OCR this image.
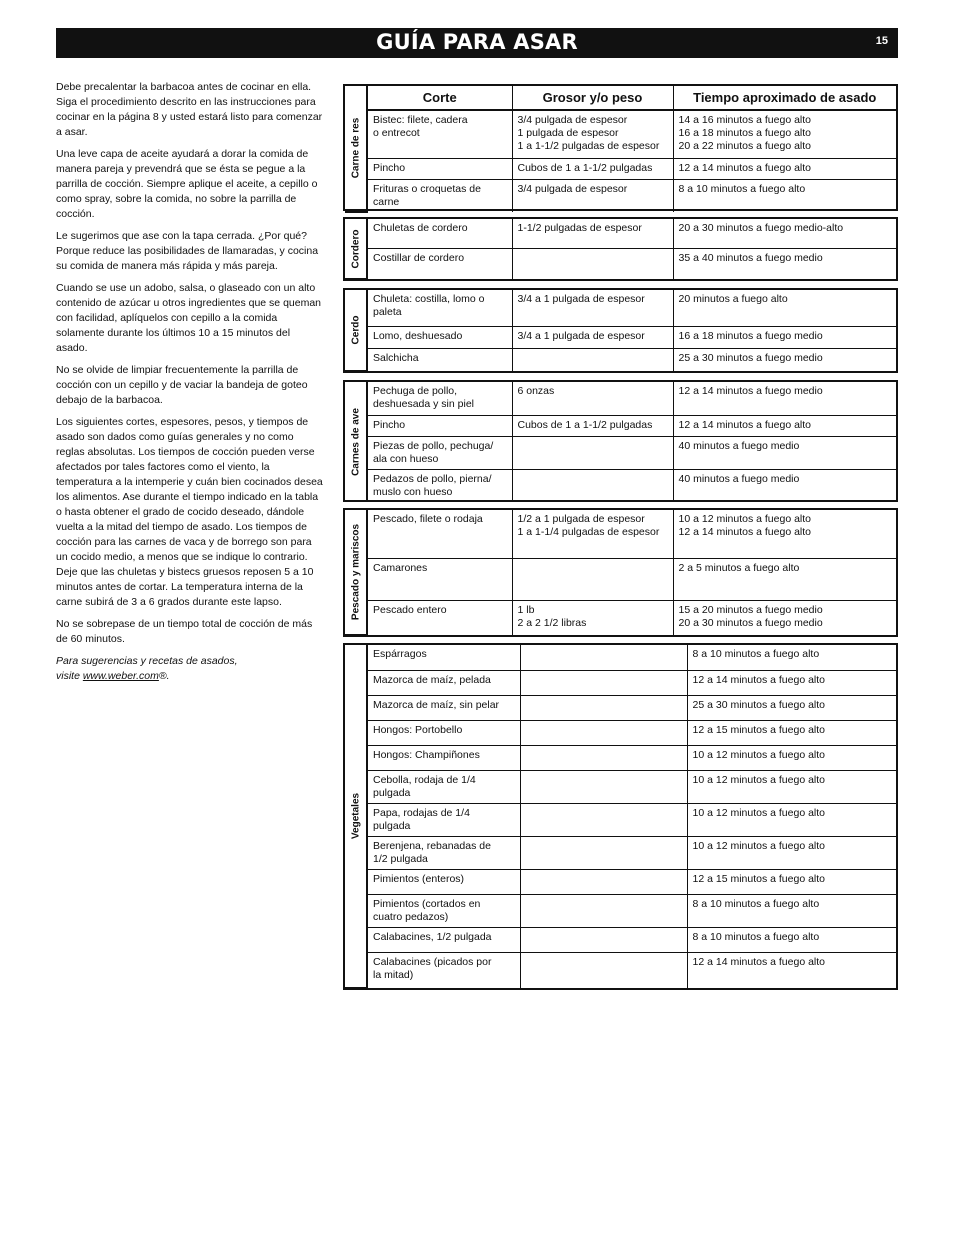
GUÍA PARA ASAR	15

Debe precalentar la barbacoa antes de cocinar en ella. Siga el procedimiento descrito en las instrucciones para cocinar en la página 8 y usted estará listo para comenzar a asar.

Una leve capa de aceite ayudará a dorar la comida de manera pareja y prevendrá que se ésta se pegue a la parrilla de cocción. Siempre aplique el aceite, a cepillo o como spray, sobre la comida, no sobre la parrilla de cocción.

Le sugerimos que ase con la tapa cerrada. ¿Por qué? Porque reduce las posibilidades de llamaradas, y cocina su comida de manera más rápida y más pareja.

Cuando se use un adobo, salsa, o glaseado con un alto contenido de azúcar u otros ingredientes que se queman con facilidad, aplíquelos con cepillo a la comida solamente durante los últimos 10 a 15 minutos del asado.

No se olvide de limpiar frecuentemente la parrilla de cocción con un cepillo y de vaciar la bandeja de goteo debajo de la barbacoa.

Los siguientes cortes, espesores, pesos, y tiempos de asado son dados como guías generales y no como reglas absolutas. Los tiempos de cocción pueden verse afectados por tales factores como el viento, la temperatura a la intemperie y cuán bien cocinados desea los alimentos. Ase durante el tiempo indicado en la tabla o hasta obtener el grado de cocido deseado, dándole vuelta a la mitad del tiempo de asado. Los tiempos de cocción para las carnes de vaca y de borrego son para un cocido medio, a menos que se indique lo contrario. Deje que las chuletas y bistecs gruesos reposen 5 a 10 minutos antes de cortar. La temperatura interna de la carne subirá de 3 a 6 grados durante este lapso.

No se sobrepase de un tiempo total de cocción de más de 60 minutos.

Para sugerencias y recetas de asados,
visite www.weber.com®.

Carne de res	Corte	Grosor y/o peso	Tiempo aproximado de asado
	Bistec: filete, cadera
o entrecot	3/4 pulgada de espesor
1 pulgada de espesor
1 a 1-1/2 pulgadas de espesor	14 a 16 minutos a fuego alto
16 a 18 minutos a fuego alto
20 a 22 minutos a fuego alto
	Pincho	Cubos de 1 a 1-1/2 pulgadas	12 a 14 minutos a fuego alto
	Frituras o croquetas de
carne	3/4 pulgada de espesor	8 a 10 minutos a fuego alto
Cordero	Chuletas de cordero	1-1/2 pulgadas de espesor	20 a 30 minutos a fuego medio-alto
	Costillar de cordero		35 a 40 minutos a fuego medio
Cerdo	Chuleta: costilla, lomo o
paleta	3/4 a 1 pulgada de espesor	20 minutos a fuego alto
	Lomo, deshuesado	3/4 a 1 pulgada de espesor	16 a 18 minutos a fuego medio
	Salchicha		25 a 30 minutos a fuego medio
Carnes de ave	Pechuga de pollo,
deshuesada y sin piel	6 onzas	12 a 14 minutos a fuego medio
	Pincho	Cubos de 1 a 1-1/2 pulgadas	12 a 14 minutos a fuego alto
	Piezas de pollo, pechuga/
ala con hueso		40 minutos a fuego medio
	Pedazos de pollo, pierna/
muslo con hueso		40 minutos a fuego medio
Pescado y mariscos	Pescado, filete o rodaja	1/2 a 1 pulgada de espesor
1 a 1-1/4 pulgadas de espesor	10 a 12 minutos a fuego alto
12 a 14 minutos a fuego alto
	Camarones		2 a 5 minutos a fuego alto
	Pescado entero	1 lb
2 a 2 1/2 libras	15 a 20 minutos a fuego medio
20 a 30 minutos a fuego medio
Vegetales	Espárragos		8 a 10 minutos a fuego alto
	Mazorca de maíz, pelada		12 a 14 minutos a fuego alto
	Mazorca de maíz, sin pelar		25 a 30 minutos a fuego alto
	Hongos: Portobello		12 a 15 minutos a fuego alto
	Hongos: Champiñones		10 a 12 minutos a fuego alto
	Cebolla, rodaja de 1/4
pulgada		10 a 12 minutos a fuego alto
	Papa, rodajas de 1/4
pulgada		10 a 12 minutos a fuego alto
	Berenjena, rebanadas de
1/2 pulgada		10 a 12 minutos a fuego alto
	Pimientos (enteros)		12 a 15 minutos a fuego alto
	Pimientos (cortados en
cuatro pedazos)		8 a 10 minutos a fuego alto
	Calabacines, 1/2 pulgada		8 a 10 minutos a fuego alto
	Calabacines (picados por
la mitad)		12 a 14 minutos a fuego alto
